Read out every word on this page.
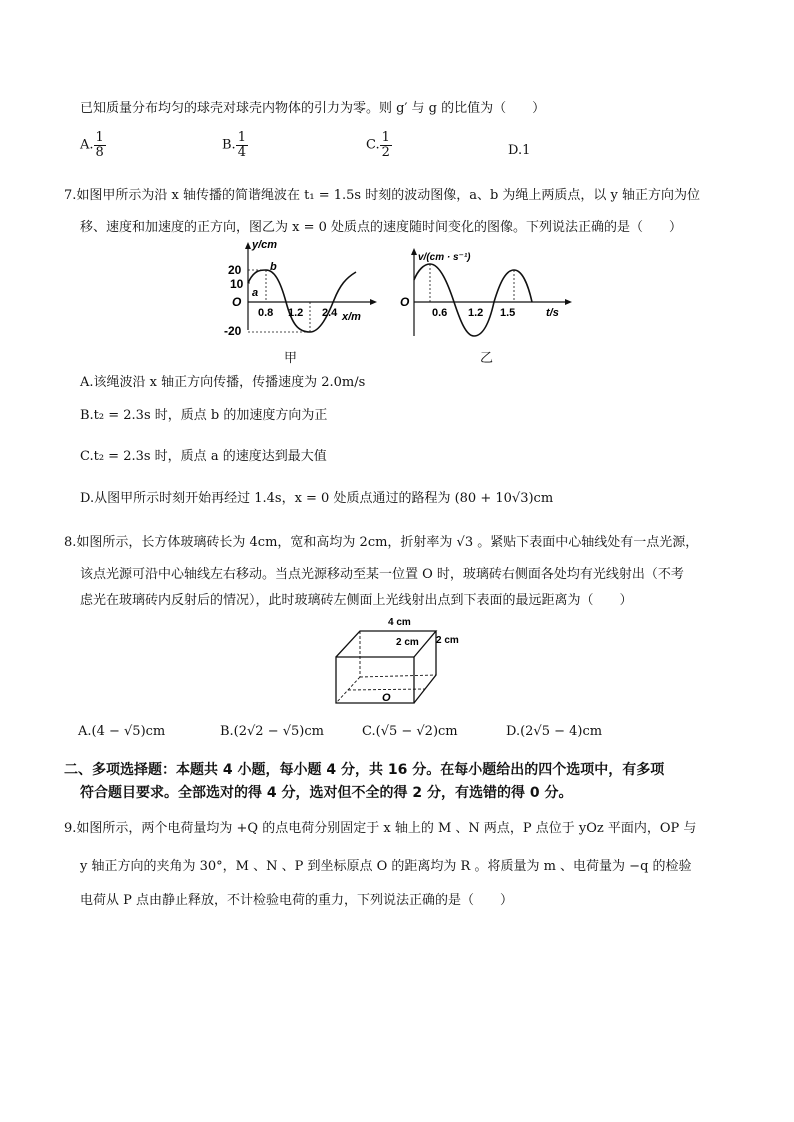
已知质量分布均匀的球壳对球壳内物体的引力为零。则 g′ 与 g 的比值为（　　）
A. $\frac{1}{8}$	B. $\frac{1}{4}$	C. $\frac{1}{2}$	D.1
7.如图甲所示为沿 x 轴传播的简谐绳波在 t₁ = 1.5s 时刻的波动图像，a、b 为绳上两质点，以 y 轴正方向为位
移、速度和加速度的正方向，图乙为 x = 0 处质点的速度随时间变化的图像。下列说法正确的是（　　）
y/cm
20
10
-20
O
a
b
0.8 1.2 2.4 x/m
甲
v/(cm · s⁻¹)
O
0.6 1.2 1.5	t/s
乙
A.该绳波沿 x 轴正方向传播，传播速度为 2.0m/s
B.t₂ = 2.3s 时，质点 b 的加速度方向为正
C.t₂ = 2.3s 时，质点 a 的速度达到最大值
D.从图甲所示时刻开始再经过 1.4s，x = 0 处质点通过的路程为 (80 + 10√3)cm
8.如图所示，长方体玻璃砖长为 4cm，宽和高均为 2cm，折射率为 √3 。紧贴下表面中心轴线处有一点光源，
该点光源可沿中心轴线左右移动。当点光源移动至某一位置 O 时，玻璃砖右侧面各处均有光线射出（不考
虑光在玻璃砖内反射后的情况），此时玻璃砖左侧面上光线射出点到下表面的最远距离为（　　）
4 cm
2 cm 2 cm
O
A.(4 − √5)cm	B.(2√2 − √5)cm	C.(√5 − √2)cm	D.(2√5 − 4)cm
二、多项选择题：本题共 4 小题，每小题 4 分，共 16 分。在每小题给出的四个选项中，有多项
符合题目要求。全部选对的得 4 分，选对但不全的得 2 分，有选错的得 0 分。
9.如图所示，两个电荷量均为 +Q 的点电荷分别固定于 x 轴上的 M 、N 两点，P 点位于 yOz 平面内，OP 与
y 轴正方向的夹角为 30°，M 、N 、P 到坐标原点 O 的距离均为 R 。将质量为 m 、电荷量为 −q 的检验
电荷从 P 点由静止释放，不计检验电荷的重力，下列说法正确的是（　　）
